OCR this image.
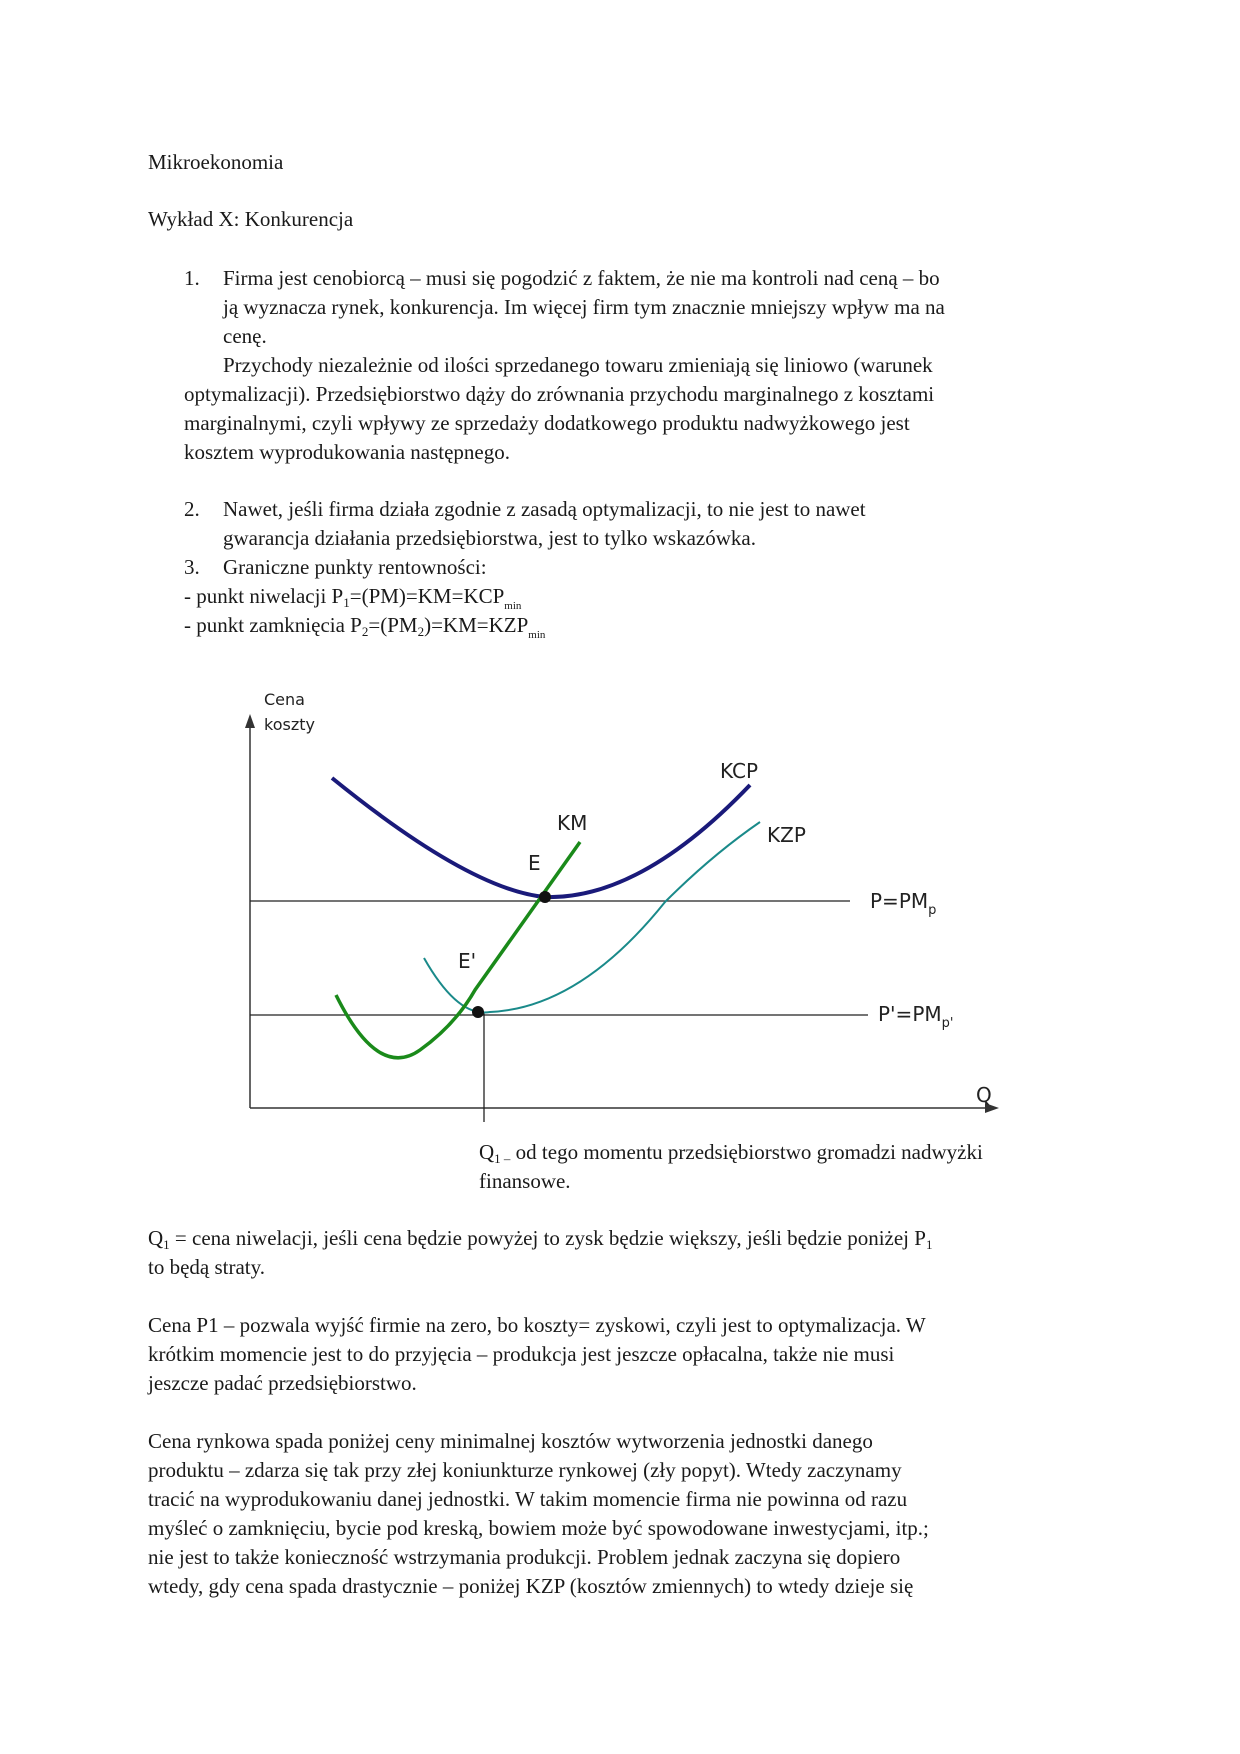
Mikroekonomia
Wykład X: Konkurencja
1. Firma jest cenobiorcą – musi się pogodzić z faktem, że nie ma kontroli nad ceną – bo
ją wyznacza rynek, konkurencja. Im więcej firm tym znacznie mniejszy wpływ ma na
cenę.
Przychody niezależnie od ilości sprzedanego towaru zmieniają się liniowo (warunek
optymalizacji). Przedsiębiorstwo dąży do zrównania przychodu marginalnego z kosztami
marginalnymi, czyli wpływy ze sprzedaży dodatkowego produktu nadwyżkowego jest
kosztem wyprodukowania następnego.
2. Nawet, jeśli firma działa zgodnie z zasadą optymalizacji, to nie jest to nawet
gwarancja działania przedsiębiorstwa, jest to tylko wskazówka.
3. Graniczne punkty rentowności:
- punkt niwelacji $P1=(PM)=KM=KCP_{min}$
- punkt zamknięcia $P2=(PM2)=KM=KZP_{min}$
Cena
koszty
Q
KCP
KM	KZP
E
E'
$P=PM_p$
$P'=PM_{p'}$
Q1 – od tego momentu przedsiębiorstwo gromadzi nadwyżki
finansowe.
Q1 = cena niwelacji, jeśli cena będzie powyżej to zysk będzie większy, jeśli będzie poniżej P1
to będą straty.
Cena P1 – pozwala wyjść firmie na zero, bo koszty= zyskowi, czyli jest to optymalizacja. W
krótkim momencie jest to do przyjęcia – produkcja jest jeszcze opłacalna, także nie musi
jeszcze padać przedsiębiorstwo.
Cena rynkowa spada poniżej ceny minimalnej kosztów wytworzenia jednostki danego
produktu – zdarza się tak przy złej koniunkturze rynkowej (zły popyt). Wtedy zaczynamy
tracić na wyprodukowaniu danej jednostki. W takim momencie firma nie powinna od razu
myśleć o zamknięciu, bycie pod kreską, bowiem może być spowodowane inwestycjami, itp.;
nie jest to także konieczność wstrzymania produkcji. Problem jednak zaczyna się dopiero
wtedy, gdy cena spada drastycznie – poniżej KZP (kosztów zmiennych) to wtedy dzieje się
